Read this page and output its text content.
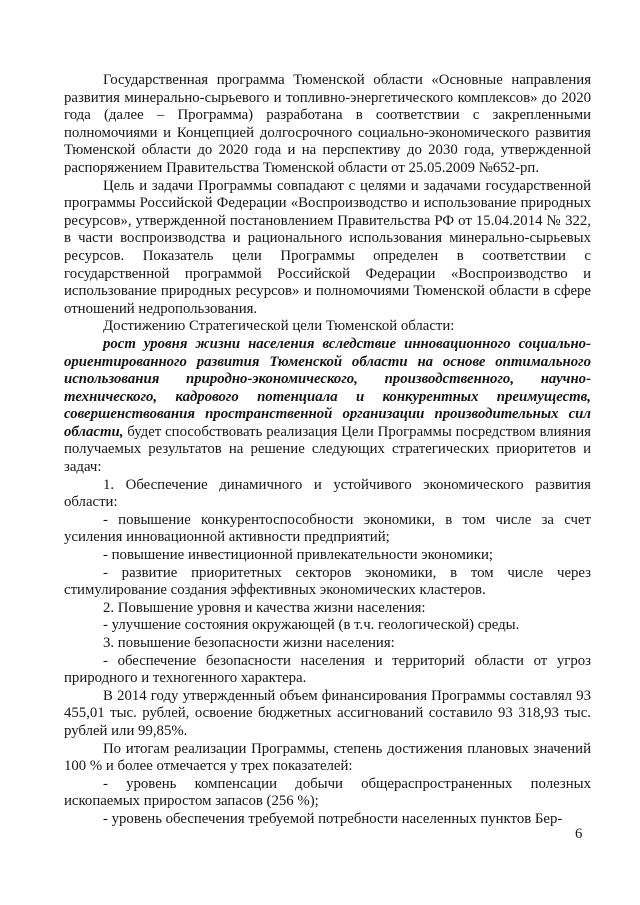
Государственная программа Тюменской области «Основные направления развития минерально-сырьевого и топливно-энергетического комплексов» до 2020 года (далее – Программа) разработана в соответствии с закрепленными полномочиями и Концепцией долгосрочного социально-экономического развития Тюменской области до 2020 года и на перспективу до 2030 года, утвержденной распоряжением Правительства Тюменской области от 25.05.2009 №652-рп.

Цель и задачи Программы совпадают с целями и задачами государственной программы Российской Федерации «Воспроизводство и использование природных ресурсов», утвержденной постановлением Правительства РФ от 15.04.2014 № 322, в части воспроизводства и рационального использования минерально-сырьевых ресурсов. Показатель цели Программы определен в соответствии с государственной программой Российской Федерации «Воспроизводство и использование природных ресурсов» и полномочиями Тюменской области в сфере отношений недропользования.

Достижению Стратегической цели Тюменской области:

рост уровня жизни населения вследствие инновационного социально-ориентированного развития Тюменской области на основе оптимального использования природно-экономического, производственного, научно-технического, кадрового потенциала и конкурентных преимуществ, совершенствования пространственной организации производительных сил области, будет способствовать реализация Цели Программы посредством влияния получаемых результатов на решение следующих стратегических приоритетов и задач:

1. Обеспечение динамичного и устойчивого экономического развития области:

- повышение конкурентоспособности экономики, в том числе за счет усиления инновационной активности предприятий;

- повышение инвестиционной привлекательности экономики;

- развитие приоритетных секторов экономики, в том числе через стимулирование создания эффективных экономических кластеров.

2. Повышение уровня и качества жизни населения:

- улучшение состояния окружающей (в т.ч. геологической) среды.

3. повышение безопасности жизни населения:

- обеспечение безопасности населения и территорий области от угроз природного и техногенного характера.

В 2014 году утвержденный объем финансирования Программы составлял 93 455,01 тыс. рублей, освоение бюджетных ассигнований составило 93 318,93 тыс. рублей или 99,85%.

По итогам реализации Программы, степень достижения плановых значений 100 % и более отмечается у трех показателей:

- уровень компенсации добычи общераспространенных полезных ископаемых приростом запасов (256 %);

- уровень обеспечения требуемой потребности населенных пунктов Бер-

6
